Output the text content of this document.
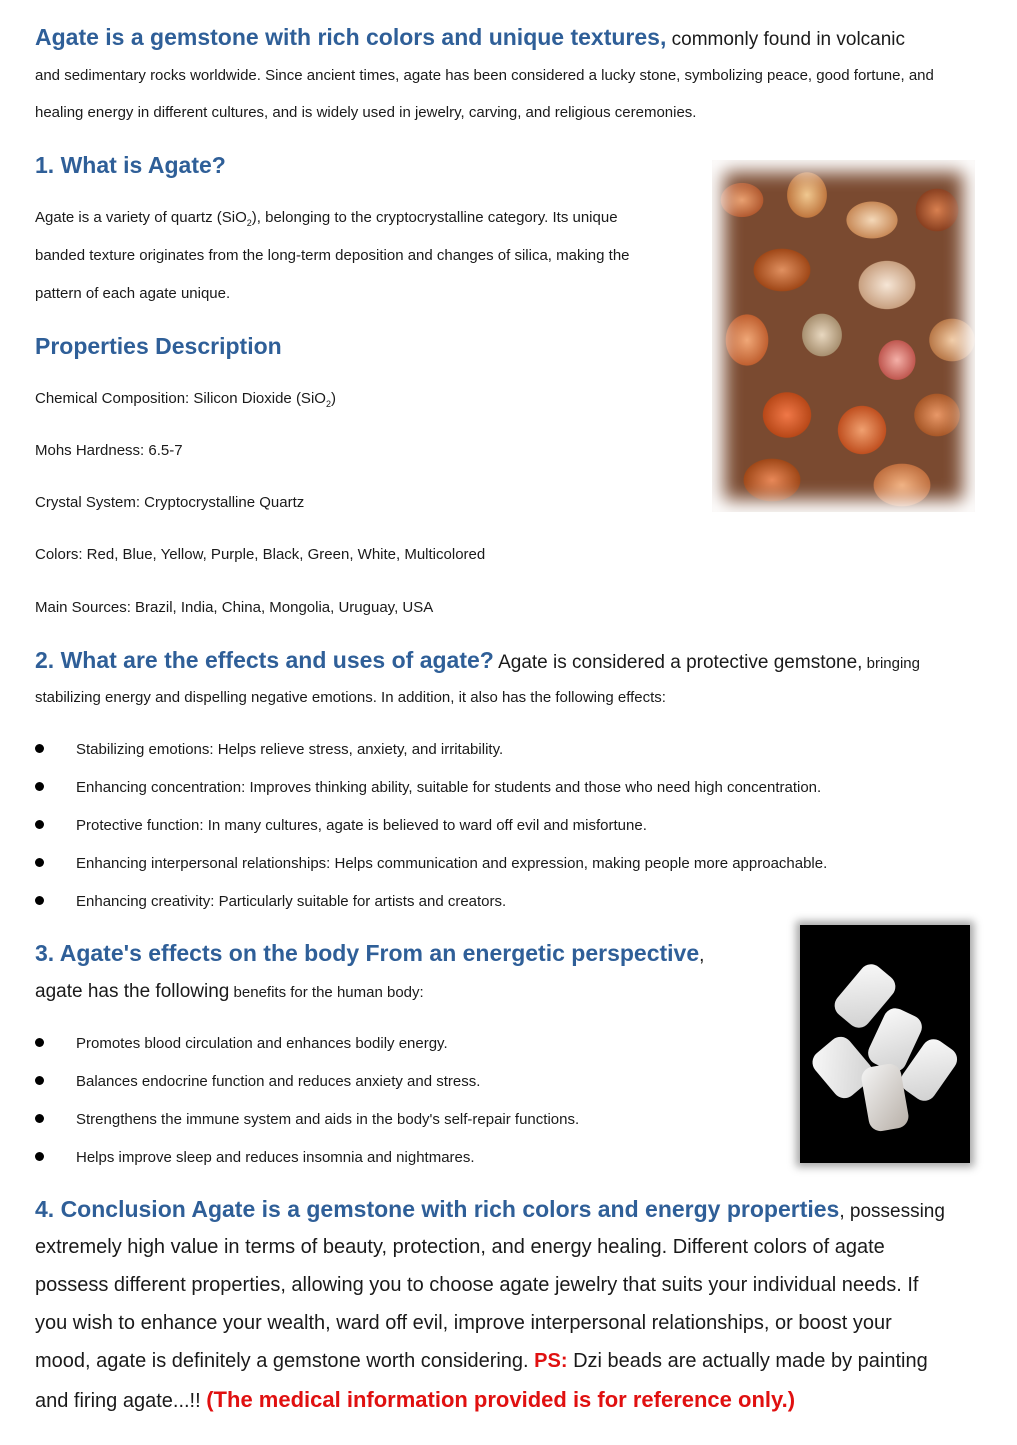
Agate is a gemstone with rich colors and unique textures, commonly found in volcanic
and sedimentary rocks worldwide. Since ancient times, agate has been considered a lucky stone, symbolizing peace, good fortune, and
healing energy in different cultures, and is widely used in jewelry, carving, and religious ceremonies.
1. What is Agate?
Agate is a variety of quartz (SiO$_2$), belonging to the cryptocrystalline category. Its unique
banded texture originates from the long-term deposition and changes of silica, making the
pattern of each agate unique.
Properties Description
Chemical Composition: Silicon Dioxide (SiO$_2$)
Mohs Hardness: 6.5-7
Crystal System: Cryptocrystalline Quartz
Colors: Red, Blue, Yellow, Purple, Black, Green, White, Multicolored
Main Sources: Brazil, India, China, Mongolia, Uruguay, USA
2. What are the effects and uses of agate? Agate is considered a protective gemstone, bringing
stabilizing energy and dispelling negative emotions. In addition, it also has the following effects:
Stabilizing emotions: Helps relieve stress, anxiety, and irritability.
Enhancing concentration: Improves thinking ability, suitable for students and those who need high concentration.
Protective function: In many cultures, agate is believed to ward off evil and misfortune.
Enhancing interpersonal relationships: Helps communication and expression, making people more approachable.
Enhancing creativity: Particularly suitable for artists and creators.
3. Agate's effects on the body From an energetic perspective,
agate has the following benefits for the human body:
Promotes blood circulation and enhances bodily energy.
Balances endocrine function and reduces anxiety and stress.
Strengthens the immune system and aids in the body's self-repair functions.
Helps improve sleep and reduces insomnia and nightmares.
4. Conclusion Agate is a gemstone with rich colors and energy properties, possessing
extremely high value in terms of beauty, protection, and energy healing. Different colors of agate
possess different properties, allowing you to choose agate jewelry that suits your individual needs. If
you wish to enhance your wealth, ward off evil, improve interpersonal relationships, or boost your
mood, agate is definitely a gemstone worth considering. PS: Dzi beads are actually made by painting
and firing agate...!! (The medical information provided is for reference only.)
